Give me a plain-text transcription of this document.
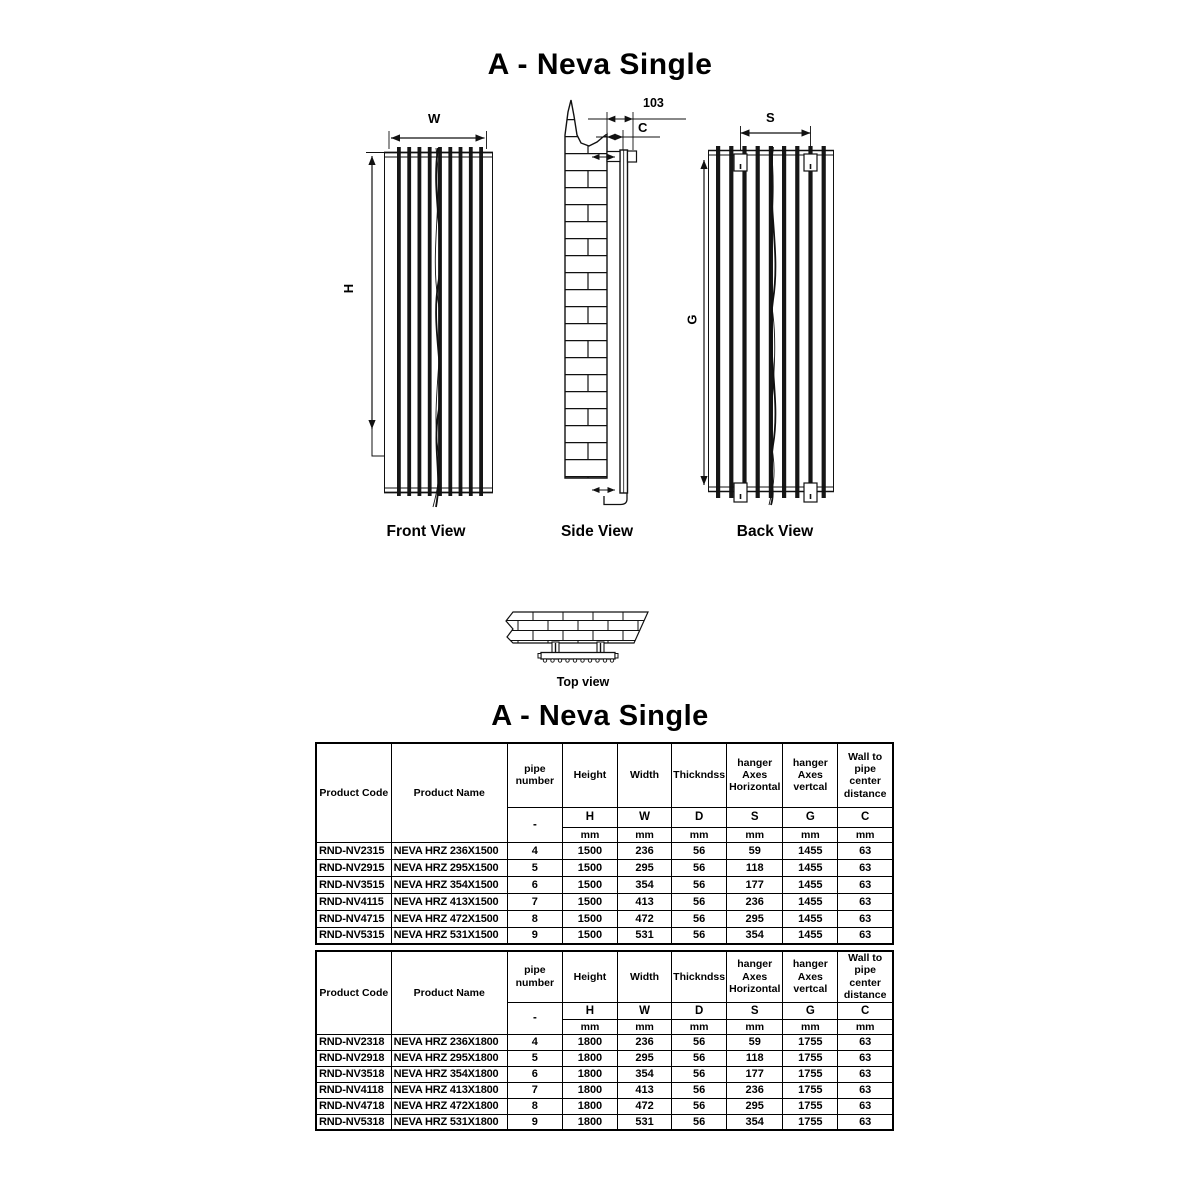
A - Neva Single
W
H
103
C
S
G
Front View	Side View	Back View
Top view
A - Neva Single
Product Code	Product Name	pipe number	Height	Width	Thickndss	hanger Axes Horizontal	hanger Axes vertcal	Wall to pipe center distance
		-	H	W	D	S	G	C
			mm	mm	mm	mm	mm	mm
RND-NV2315	NEVA HRZ 236X1500	4	1500	236	56	59	1455	63
RND-NV2915	NEVA HRZ 295X1500	5	1500	295	56	118	1455	63
RND-NV3515	NEVA HRZ 354X1500	6	1500	354	56	177	1455	63
RND-NV4115	NEVA HRZ 413X1500	7	1500	413	56	236	1455	63
RND-NV4715	NEVA HRZ 472X1500	8	1500	472	56	295	1455	63
RND-NV5315	NEVA HRZ 531X1500	9	1500	531	56	354	1455	63
Product Code	Product Name	pipe number	Height	Width	Thickndss	hanger Axes Horizontal	hanger Axes vertcal	Wall to pipe center distance
		-	H	W	D	S	G	C
			mm	mm	mm	mm	mm	mm
RND-NV2318	NEVA HRZ 236X1800	4	1800	236	56	59	1755	63
RND-NV2918	NEVA HRZ 295X1800	5	1800	295	56	118	1755	63
RND-NV3518	NEVA HRZ 354X1800	6	1800	354	56	177	1755	63
RND-NV4118	NEVA HRZ 413X1800	7	1800	413	56	236	1755	63
RND-NV4718	NEVA HRZ 472X1800	8	1800	472	56	295	1755	63
RND-NV5318	NEVA HRZ 531X1800	9	1800	531	56	354	1755	63
